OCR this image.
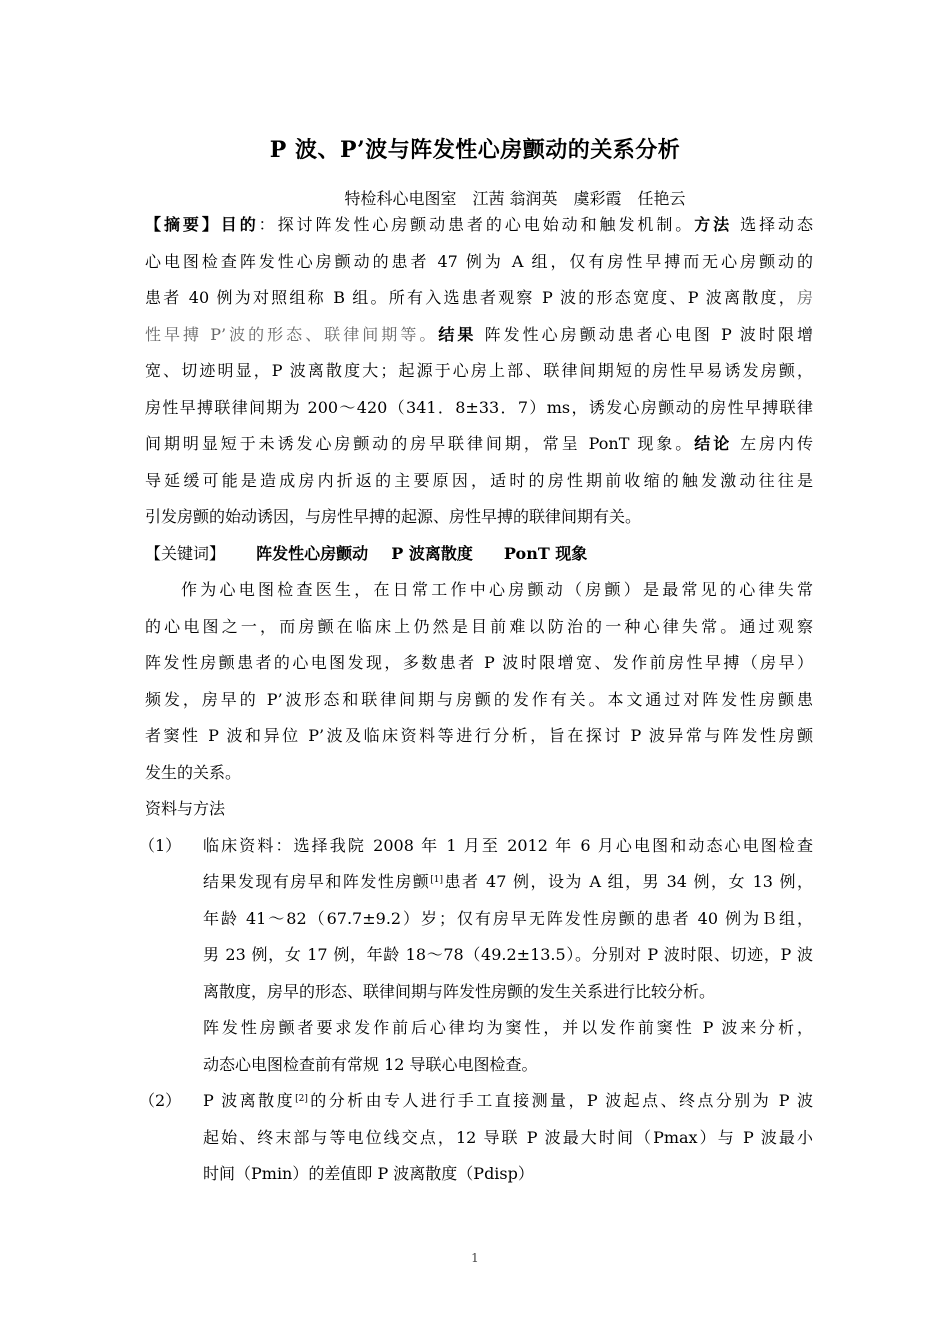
P 波、P’波与阵发性心房颤动的关系分析
特检科心电图室　江茜 翁润英　虞彩霞　任艳云
【摘要】目的：探讨阵发性心房颤动患者的心电始动和触发机制。方法 选择动态
心电图检查阵发性心房颤动的患者 47 例为 A 组，仅有房性早搏而无心房颤动的
患者 40 例为对照组称 B 组。所有入选患者观察 P 波的形态宽度、P 波离散度，房
性早搏 P’波的形态、联律间期等。结果 阵发性心房颤动患者心电图 P 波时限增
宽、切迹明显，P 波离散度大；起源于心房上部、联律间期短的房性早易诱发房颤，
房性早搏联律间期为 200～420（341．8±33．7）ms，诱发心房颤动的房性早搏联律
间期明显短于未诱发心房颤动的房早联律间期，常呈 PonT 现象。结论 左房内传
导延缓可能是造成房内折返的主要原因，适时的房性期前收缩的触发激动往往是
引发房颤的始动诱因，与房性早搏的起源、房性早搏的联律间期有关。
【关键词】 阵发性心房颤动 P 波离散度 PonT 现象
作为心电图检查医生，在日常工作中心房颤动（房颤）是最常见的心律失常
的心电图之一，而房颤在临床上仍然是目前难以防治的一种心律失常。通过观察
阵发性房颤患者的心电图发现，多数患者 P 波时限增宽、发作前房性早搏（房早）
频发，房早的 P’波形态和联律间期与房颤的发作有关。本文通过对阵发性房颤患
者窦性 P 波和异位 P’波及临床资料等进行分析，旨在探讨 P 波异常与阵发性房颤
发生的关系。
资料与方法
（1） 临床资料：选择我院 2008 年 1 月至 2012 年 6 月心电图和动态心电图检查
结果发现有房早和阵发性房颤[1]患者 47 例，设为 A 组，男 34 例，女 13 例，
年龄 41～82（67.7±9.2）岁；仅有房早无阵发性房颤的患者 40 例为Ｂ组，
男 23 例，女 17 例，年龄 18～78（49.2±13.5）。分别对 P 波时限、切迹，P 波
离散度，房早的形态、联律间期与阵发性房颤的发生关系进行比较分析。
阵发性房颤者要求发作前后心律均为窦性，并以发作前窦性 P 波来分析，
动态心电图检查前有常规 12 导联心电图检查。
（2） P 波离散度[2]的分析由专人进行手工直接测量，P 波起点、终点分别为 P 波
起始、终末部与等电位线交点，12 导联 P 波最大时间（Pmax）与 P 波最小
时间（Pmin）的差值即 P 波离散度（Pdisp）
1
